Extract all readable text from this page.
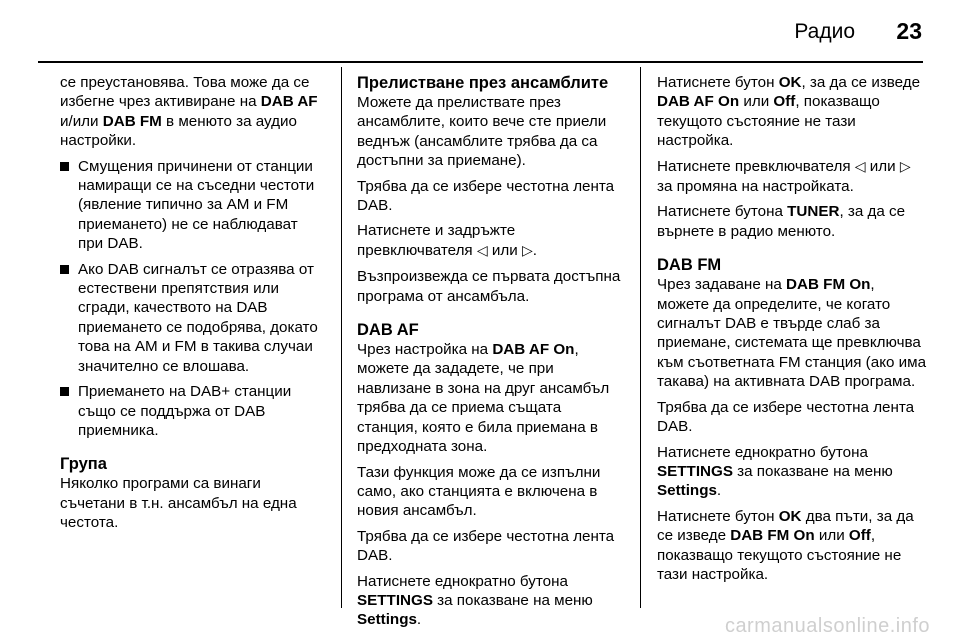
Радио 23

се преустановява. Това може да се избегне чрез активиране на DAB AF и/или DAB FM в менюто за аудио настройки.

Смущения причинени от станции намиращи се на съседни честоти (явление типично за AM и FM приемането) не се наблюдават при DAB.
Ако DAB сигналът се отразява от естествени препятствия или сгради, качеството на DAB приемането се подобрява, докато това на AM и FM в такива случаи значително се влошава.
Приемането на DAB+ станции също се поддържа от DAB приемника.
Група

Няколко програми са винаги съчетани в т.н. ансамбъл на една честота.

Прелистване през ансамблите

Можете да прелиствате през ансамблите, които вече сте приели веднъж (ансамблите трябва да са достъпни за приемане).

Трябва да се избере честотна лента DAB.

Натиснете и задръжте превключвателя ◁ или ▷.

Възпроизвежда се първата достъпна програма от ансамбъла.

DAB AF

Чрез настройка на DAB AF On, можете да зададете, че при навлизане в зона на друг ансамбъл трябва да се приема същата станция, която е била приемана в предходната зона.

Тази функция може да се изпълни само, ако станцията е включена в новия ансамбъл.

Трябва да се избере честотна лента DAB.

Натиснете еднократно бутона SETTINGS за показване на меню Settings.

Натиснете бутон OK, за да се изведе DAB AF On или Off, показващо текущото състояние не тази настройка.

Натиснете превключвателя ◁ или ▷ за промяна на настройката.

Натиснете бутона TUNER, за да се върнете в радио менюто.

DAB FM

Чрез задаване на DAB FM On, можете да определите, че когато сигналът DAB е твърде слаб за приемане, системата ще превключва към съответната FM станция (ако има такава) на активната DAB програма.

Трябва да се избере честотна лента DAB.

Натиснете еднократно бутона SETTINGS за показване на меню Settings.

Натиснете бутон OK два пъти, за да се изведе DAB FM On или Off, показващо текущото състояние не тази настройка.

carmanualsonline.info
